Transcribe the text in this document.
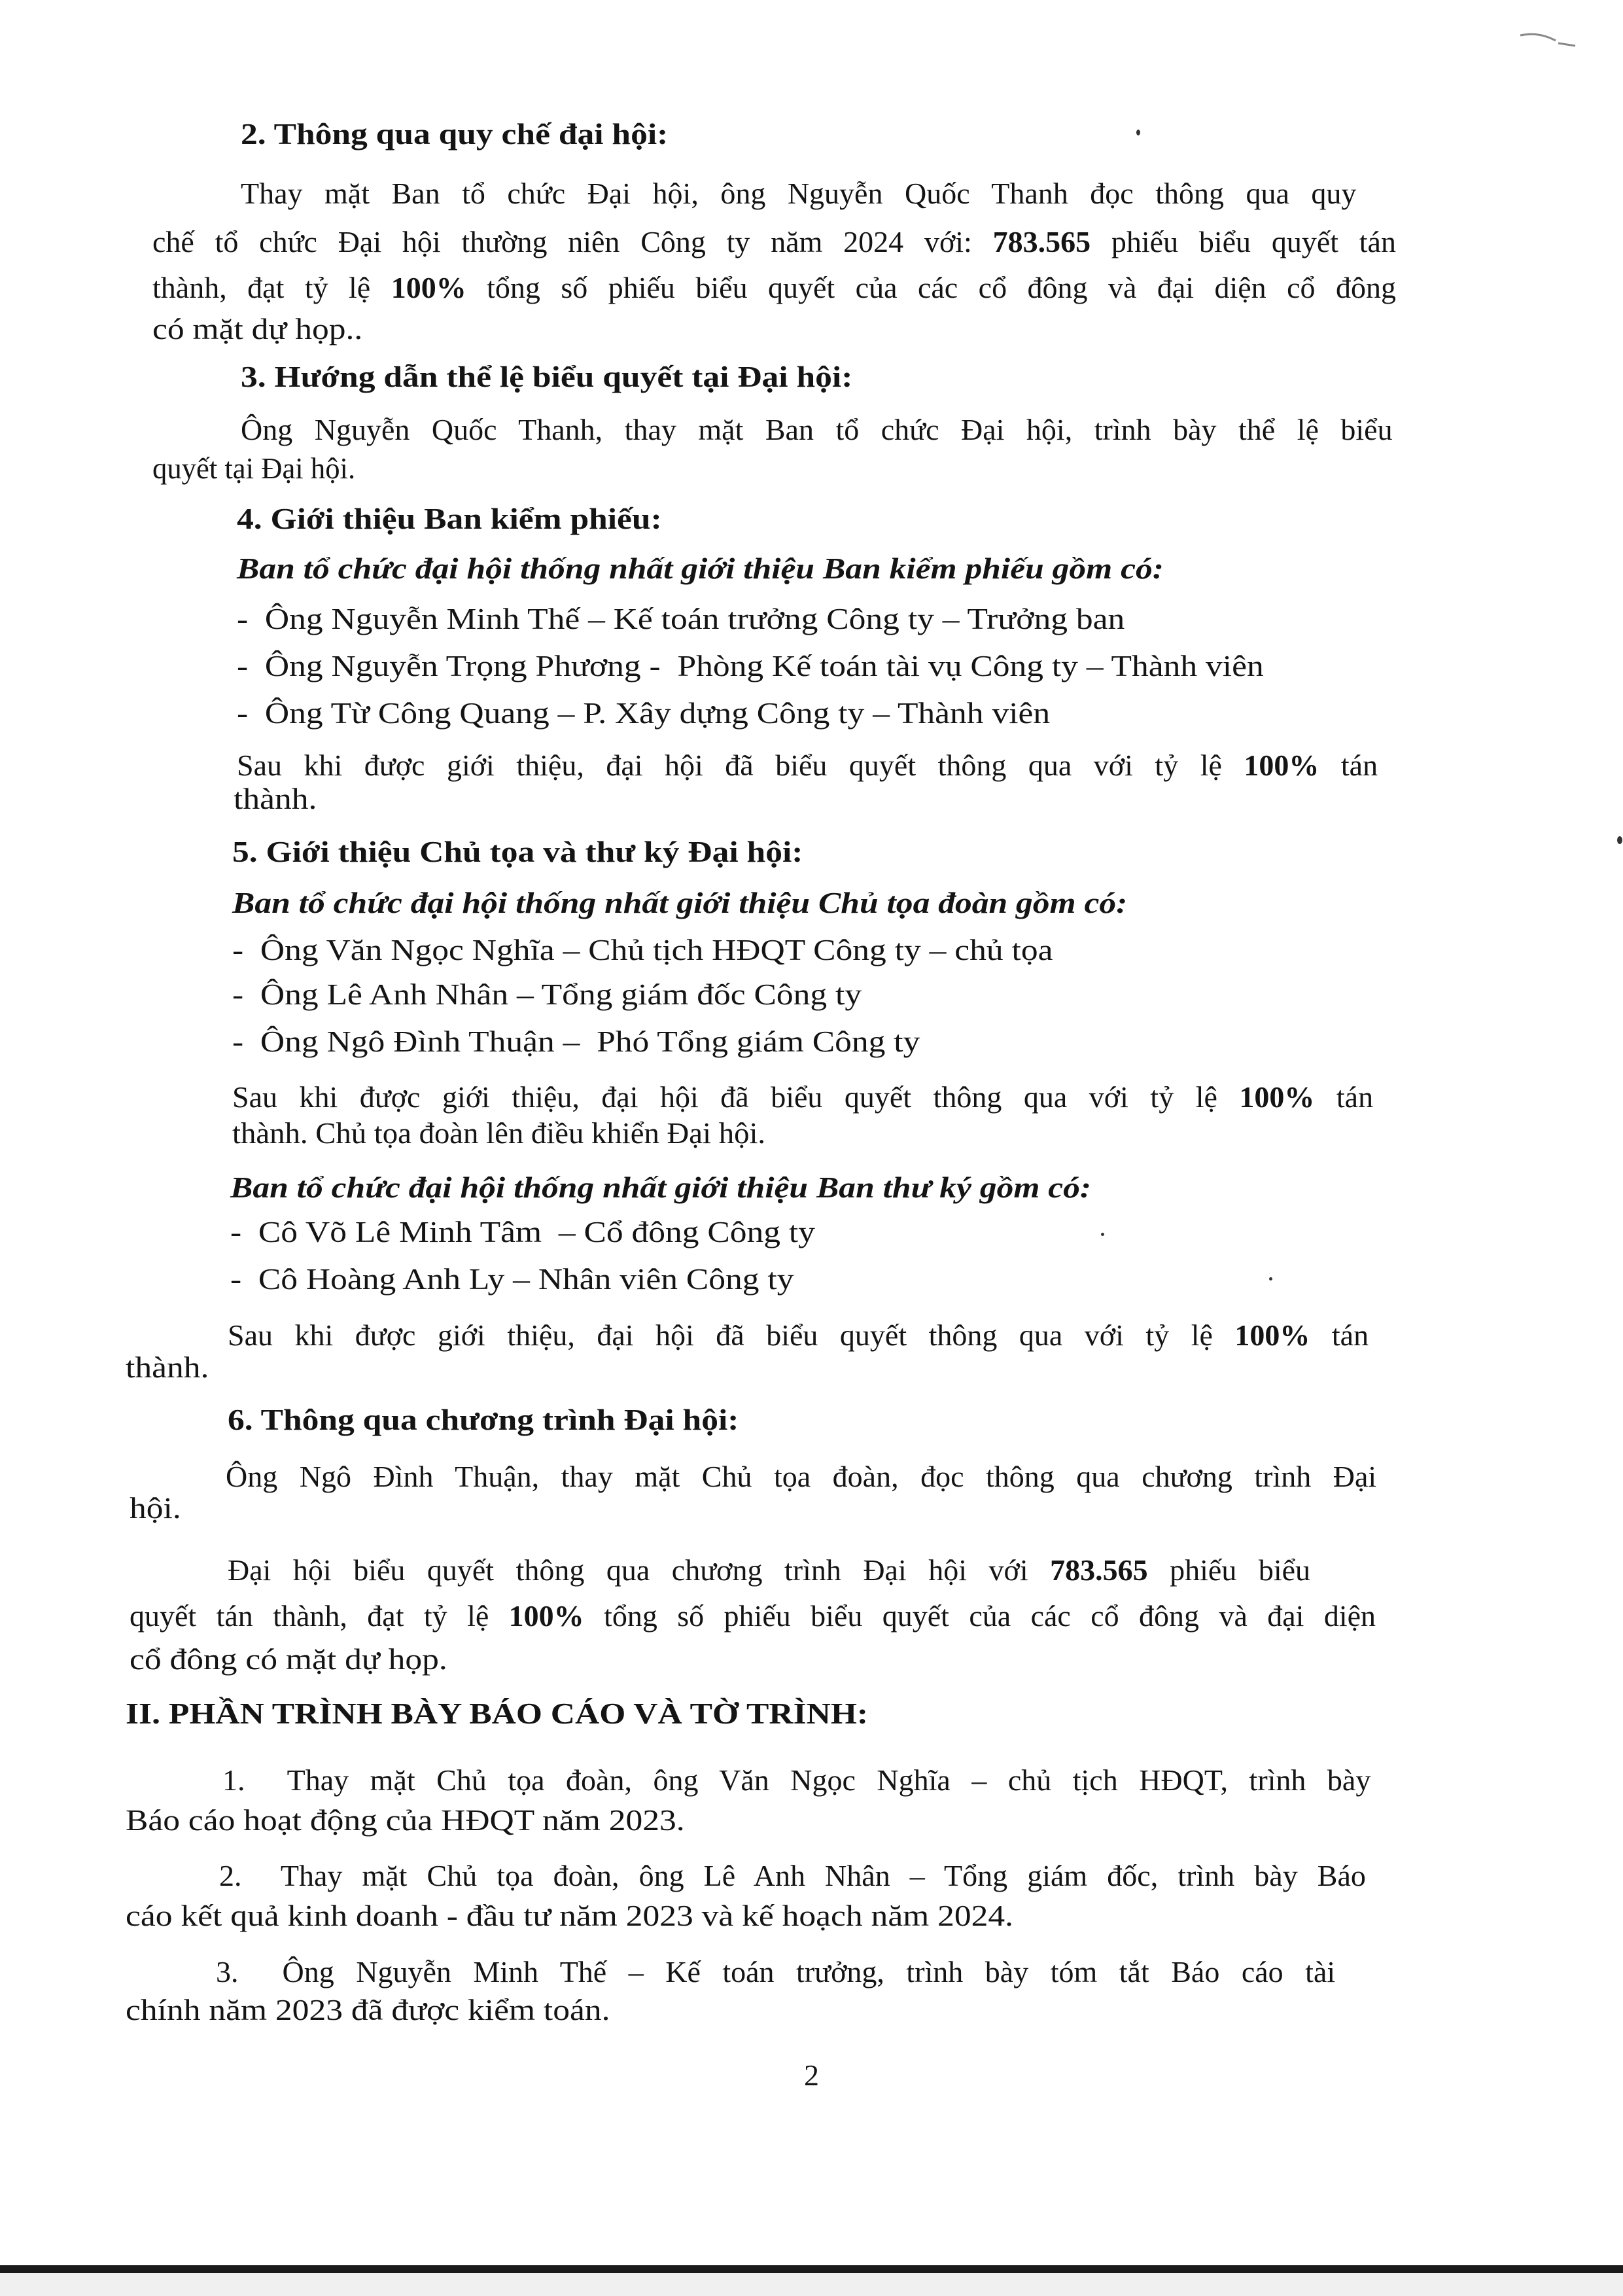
2. Thông qua quy chế đại hội:
Thay mặt Ban tổ chức Đại hội, ông Nguyễn Quốc Thanh đọc thông qua quy
chế tổ chức Đại hội thường niên Công ty năm 2024 với: 783.565 phiếu biểu quyết tán
thành, đạt tỷ lệ 100% tổng số phiếu biểu quyết của các cổ đông và đại diện cổ đông
có mặt dự họp..
3. Hướng dẫn thể lệ biểu quyết tại Đại hội:
Ông Nguyễn Quốc Thanh, thay mặt Ban tổ chức Đại hội, trình bày thể lệ biểu
quyết tại Đại hội.
4. Giới thiệu Ban kiểm phiếu:
Ban tổ chức đại hội thống nhất giới thiệu Ban kiểm phiếu gồm có:
-  Ông Nguyễn Minh Thế – Kế toán trưởng Công ty – Trưởng ban
-  Ông Nguyễn Trọng Phương -  Phòng Kế toán tài vụ Công ty – Thành viên
-  Ông Từ Công Quang – P. Xây dựng Công ty – Thành viên
Sau khi được giới thiệu, đại hội đã biểu quyết thông qua với tỷ lệ 100% tán
thành.
5. Giới thiệu Chủ tọa và thư ký Đại hội:
Ban tổ chức đại hội thống nhất giới thiệu Chủ tọa đoàn gồm có:
-  Ông Văn Ngọc Nghĩa – Chủ tịch HĐQT Công ty – chủ tọa
-  Ông Lê Anh Nhân – Tổng giám đốc Công ty
-  Ông Ngô Đình Thuận –  Phó Tổng giám Công ty
Sau khi được giới thiệu, đại hội đã biểu quyết thông qua với tỷ lệ 100% tán
thành. Chủ tọa đoàn lên điều khiển Đại hội.
Ban tổ chức đại hội thống nhất giới thiệu Ban thư ký gồm có:
-  Cô Võ Lê Minh Tâm  – Cổ đông Công ty
-  Cô Hoàng Anh Ly – Nhân viên Công ty
Sau khi được giới thiệu, đại hội đã biểu quyết thông qua với tỷ lệ 100% tán
thành.
6. Thông qua chương trình Đại hội:
Ông Ngô Đình Thuận, thay mặt Chủ tọa đoàn, đọc thông qua chương trình Đại
hội.
Đại hội biểu quyết thông qua chương trình Đại hội với 783.565 phiếu biểu
quyết tán thành, đạt tỷ lệ 100% tổng số phiếu biểu quyết của các cổ đông và đại diện
cổ đông có mặt dự họp.
II. PHẦN TRÌNH BÀY BÁO CÁO VÀ TỜ TRÌNH:
1.  Thay mặt Chủ tọa đoàn, ông Văn Ngọc Nghĩa – chủ tịch HĐQT, trình bày
Báo cáo hoạt động của HĐQT năm 2023.
2.  Thay mặt Chủ tọa đoàn, ông Lê Anh Nhân – Tổng giám đốc, trình bày Báo
cáo kết quả kinh doanh - đầu tư năm 2023 và kế hoạch năm 2024.
3.  Ông Nguyễn Minh Thế – Kế toán trưởng, trình bày tóm tắt Báo cáo tài
chính năm 2023 đã được kiểm toán.
2
